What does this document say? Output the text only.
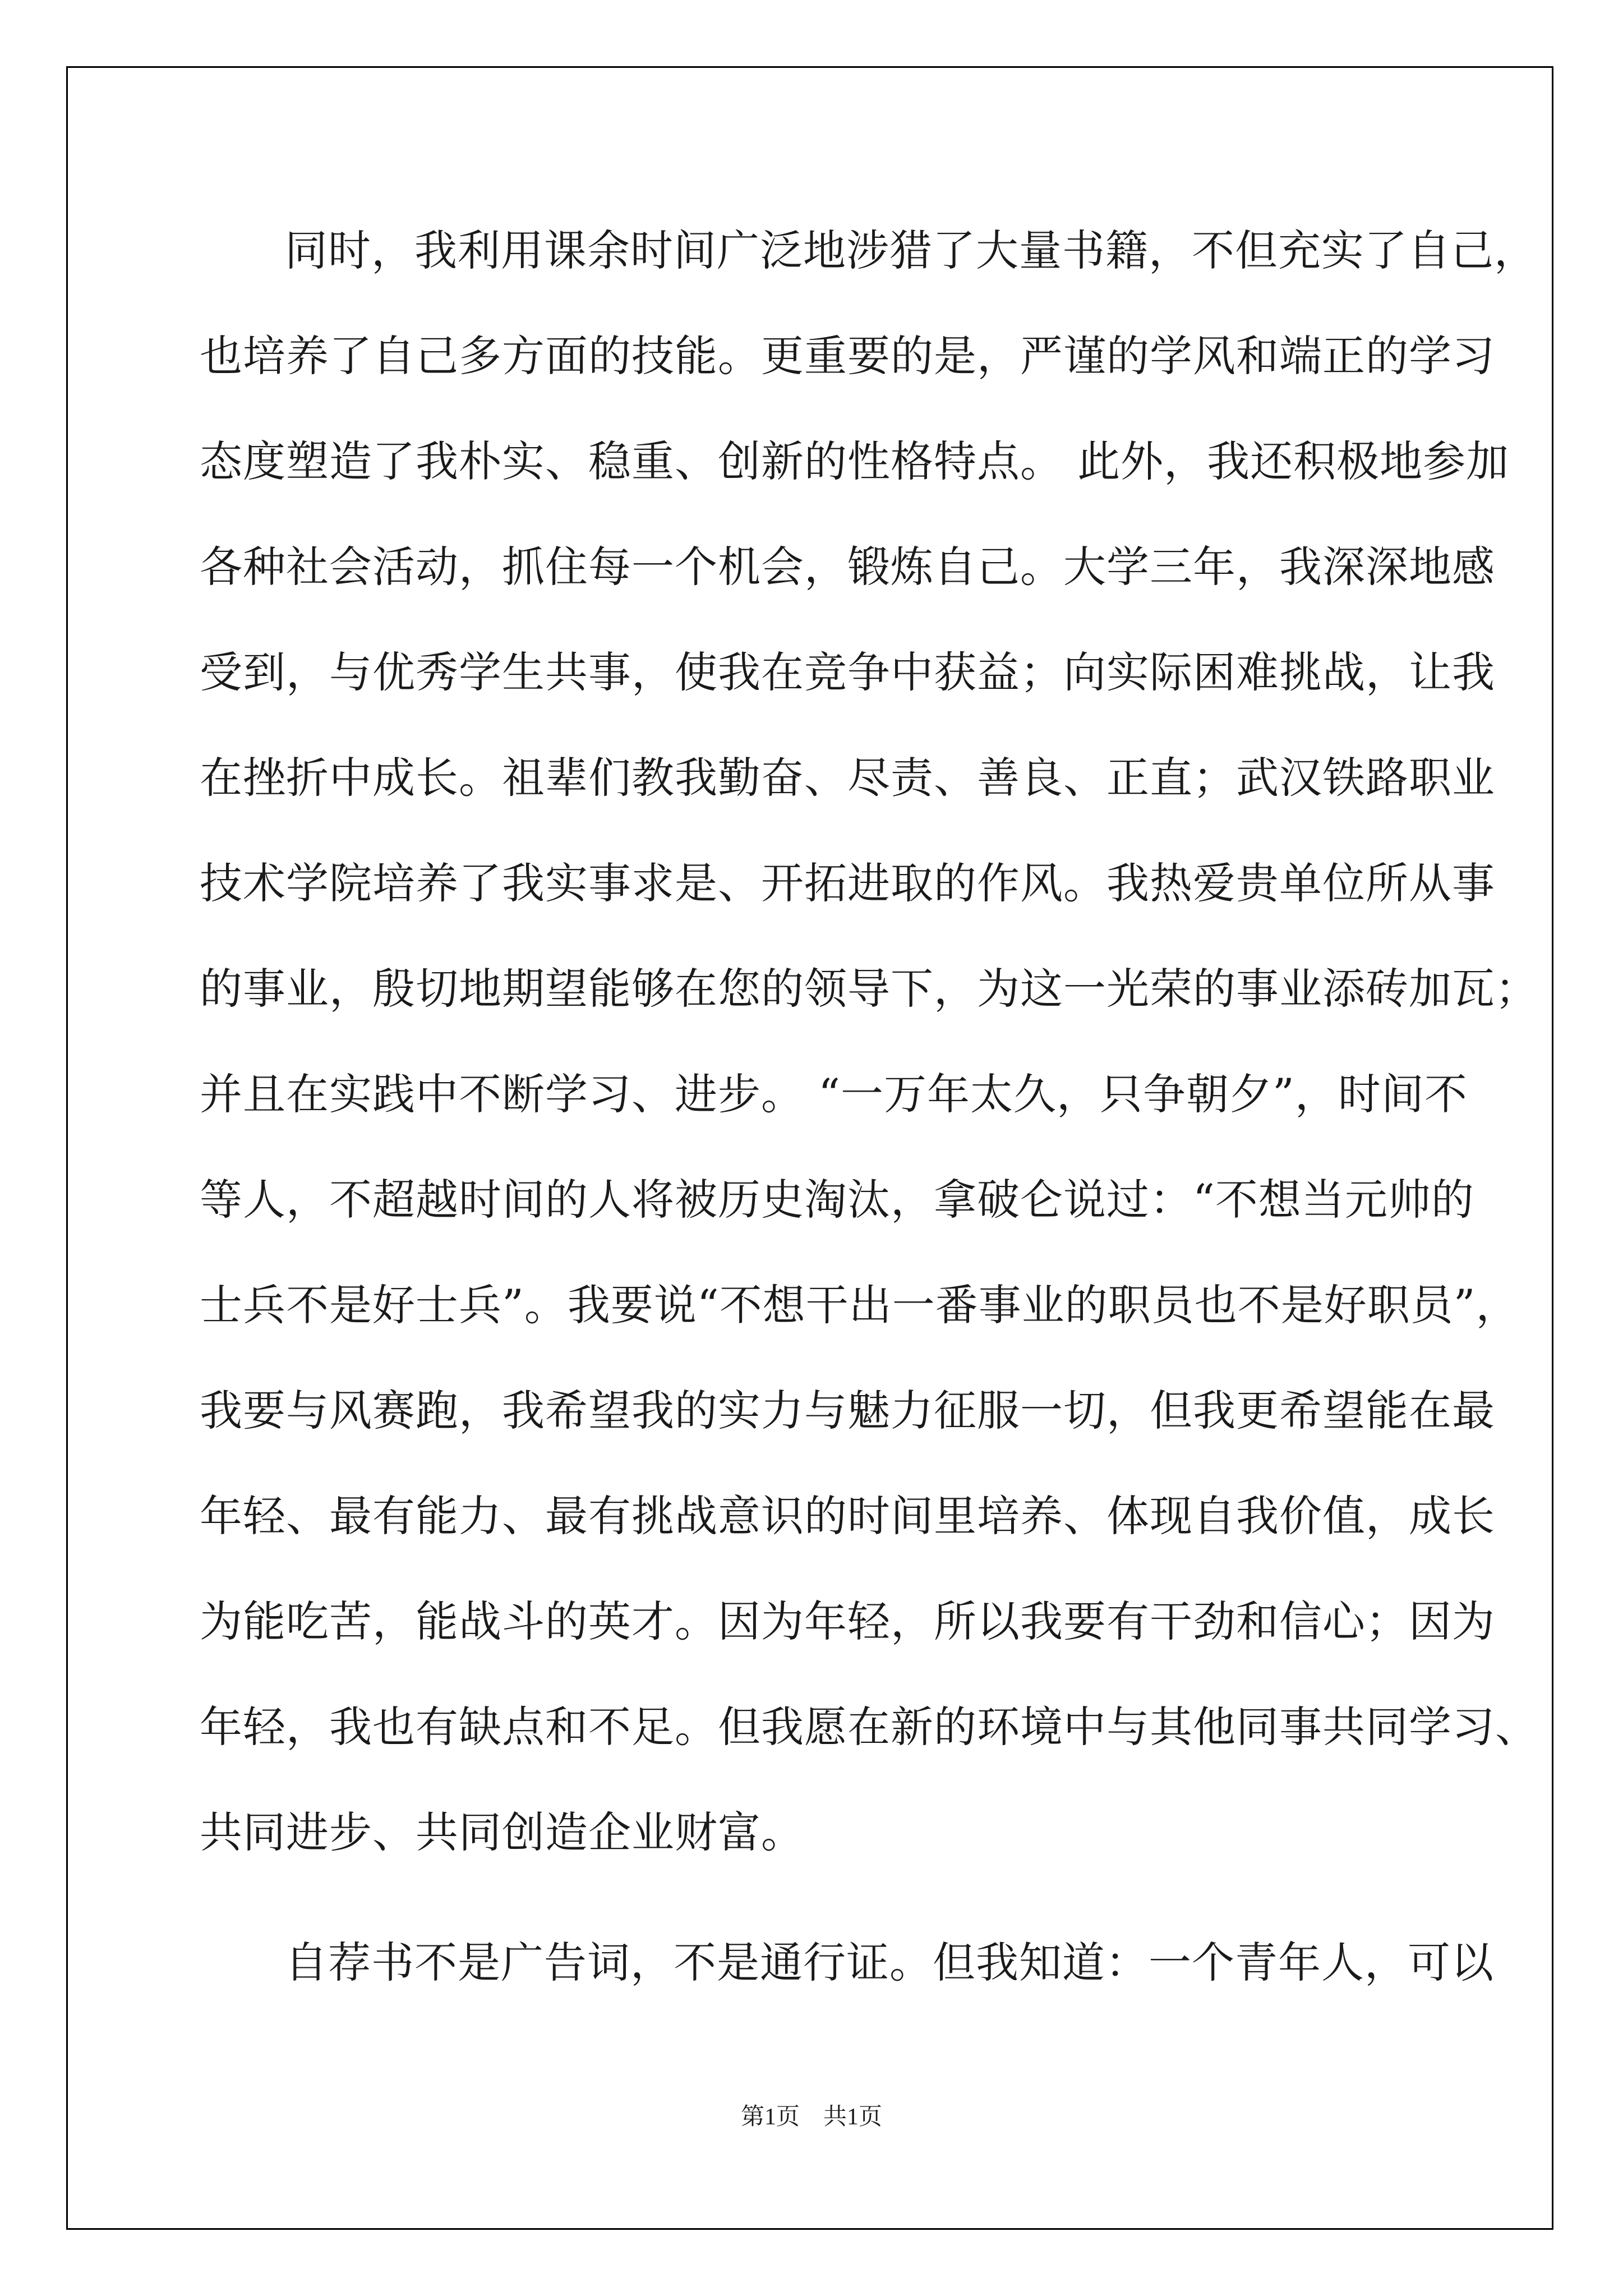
同时，我利用课余时间广泛地涉猎了大量书籍，不但充实了自己，
也培养了自己多方面的技能。更重要的是，严谨的学风和端正的学习
态度塑造了我朴实、稳重、创新的性格特点。 此外，我还积极地参加
各种社会活动，抓住每一个机会，锻炼自己。大学三年，我深深地感
受到，与优秀学生共事，使我在竞争中获益；向实际困难挑战，让我
在挫折中成长。祖辈们教我勤奋、尽责、善良、正直；武汉铁路职业
技术学院培养了我实事求是、开拓进取的作风。我热爱贵单位所从事
的事业，殷切地期望能够在您的领导下，为这一光荣的事业添砖加瓦；
并且在实践中不断学习、进步。 “一万年太久，只争朝夕”，时间不
等人，不超越时间的人将被历史淘汰，拿破仑说过：“不想当元帅的
士兵不是好士兵”。我要说“不想干出一番事业的职员也不是好职员”，
我要与风赛跑，我希望我的实力与魅力征服一切，但我更希望能在最
年轻、最有能力、最有挑战意识的时间里培养、体现自我价值，成长
为能吃苦，能战斗的英才。因为年轻，所以我要有干劲和信心；因为
年轻，我也有缺点和不足。但我愿在新的环境中与其他同事共同学习、
共同进步、共同创造企业财富。
自荐书不是广告词，不是通行证。但我知道：一个青年人，可以
第1页　共1页
